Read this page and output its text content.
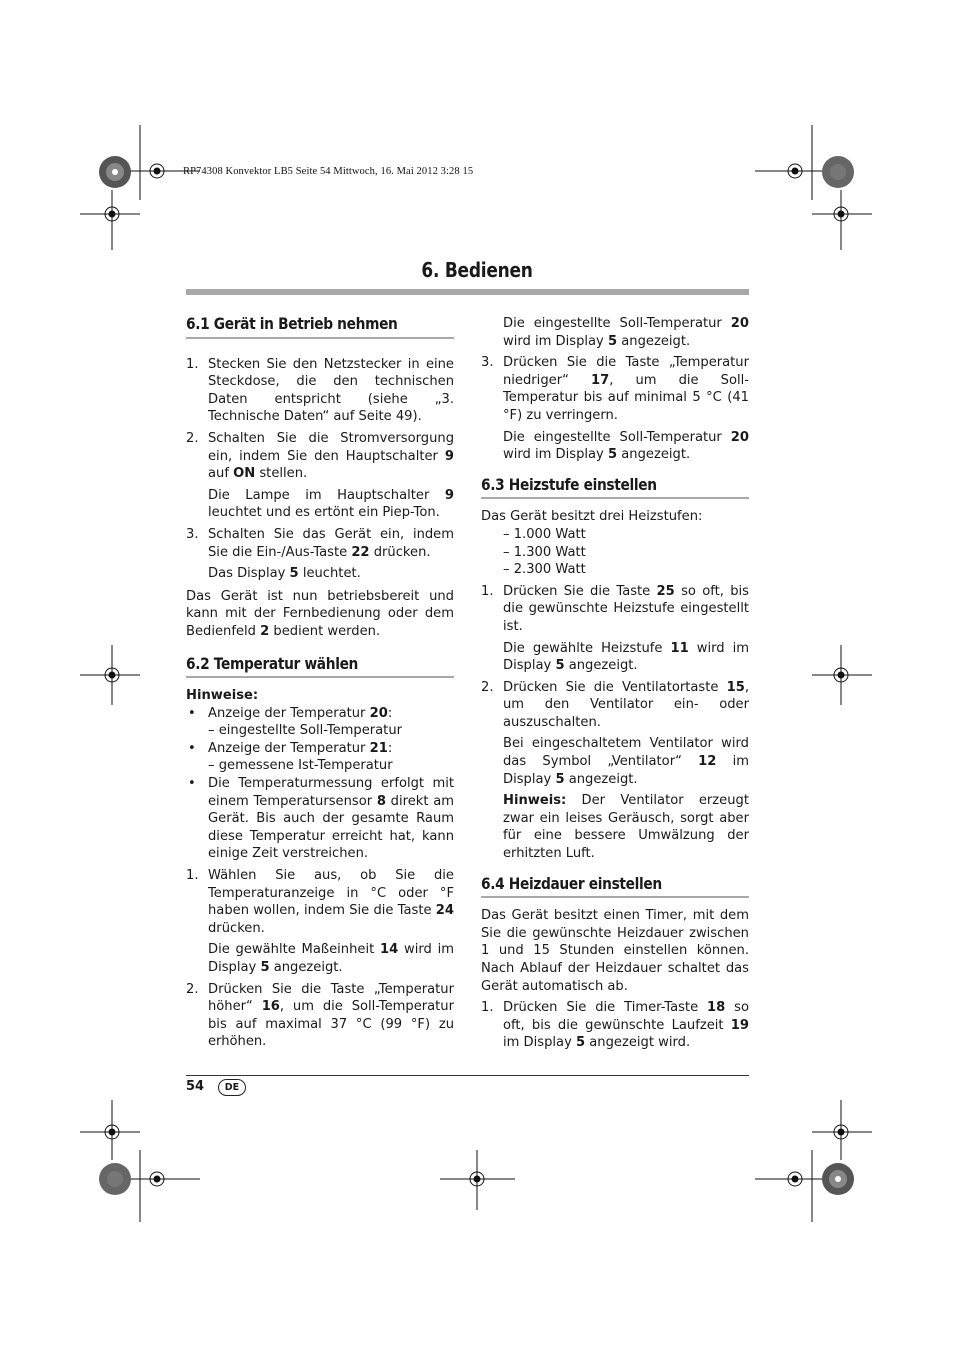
RP74308 Konvektor LB5 Seite 54 Mittwoch, 16. Mai 2012 3:28 15
6. Bedienen
6.1 Gerät in Betrieb nehmen
1. Stecken Sie den Netzstecker in eine Steckdose, die den technischen Daten entspricht (siehe „3. Technische Daten“ auf Seite 49).
2. Schalten Sie die Stromversorgung ein, indem Sie den Hauptschalter 9 auf ON stellen.
Die Lampe im Hauptschalter 9 leuchtet und es ertönt ein Piep-Ton.
3. Schalten Sie das Gerät ein, indem Sie die Ein-/Aus-Taste 22 drücken.
Das Display 5 leuchtet.

Das Gerät ist nun betriebsbereit und kann mit der Fernbedienung oder dem Bedienfeld 2 bedient werden.

6.2 Temperatur wählen

Hinweise:

• Anzeige der Temperatur 20:
– eingestellte Soll-Temperatur
• Anzeige der Temperatur 21:
– gemessene Ist-Temperatur
• Die Temperaturmessung erfolgt mit einem Temperatursensor 8 direkt am Gerät. Bis auch der gesamte Raum diese Temperatur erreicht hat, kann einige Zeit verstreichen.
1. Wählen Sie aus, ob Sie die Temperaturanzeige in °C oder °F haben wollen, indem Sie die Taste 24 drücken.
Die gewählte Maßeinheit 14 wird im Display 5 angezeigt.
2. Drücken Sie die Taste „Temperatur höher“ 16, um die Soll-Temperatur bis auf maximal 37 °C (99 °F) zu erhöhen.
Die eingestellte Soll-Temperatur 20 wird im Display 5 angezeigt.
3. Drücken Sie die Taste „Temperatur niedriger“ 17, um die Soll-Temperatur bis auf minimal 5 °C (41 °F) zu verringern.
Die eingestellte Soll-Temperatur 20 wird im Display 5 angezeigt.
6.3 Heizstufe einstellen

Das Gerät besitzt drei Heizstufen:

– 1.000 Watt
– 1.300 Watt
– 2.300 Watt
1. Drücken Sie die Taste 25 so oft, bis die gewünschte Heizstufe eingestellt ist.
Die gewählte Heizstufe 11 wird im Display 5 angezeigt.
2. Drücken Sie die Ventilatortaste 15, um den Ventilator ein- oder auszuschalten.
Bei eingeschaltetem Ventilator wird das Symbol „Ventilator“ 12 im Display 5 angezeigt.
Hinweis: Der Ventilator erzeugt zwar ein leises Geräusch, sorgt aber für eine bessere Umwälzung der erhitzten Luft.
6.4 Heizdauer einstellen

Das Gerät besitzt einen Timer, mit dem Sie die gewünschte Heizdauer zwischen 1 und 15 Stunden einstellen können. Nach Ablauf der Heizdauer schaltet das Gerät automatisch ab.

1. Drücken Sie die Timer-Taste 18 so oft, bis die gewünschte Laufzeit 19 im Display 5 angezeigt wird.
54	DE
